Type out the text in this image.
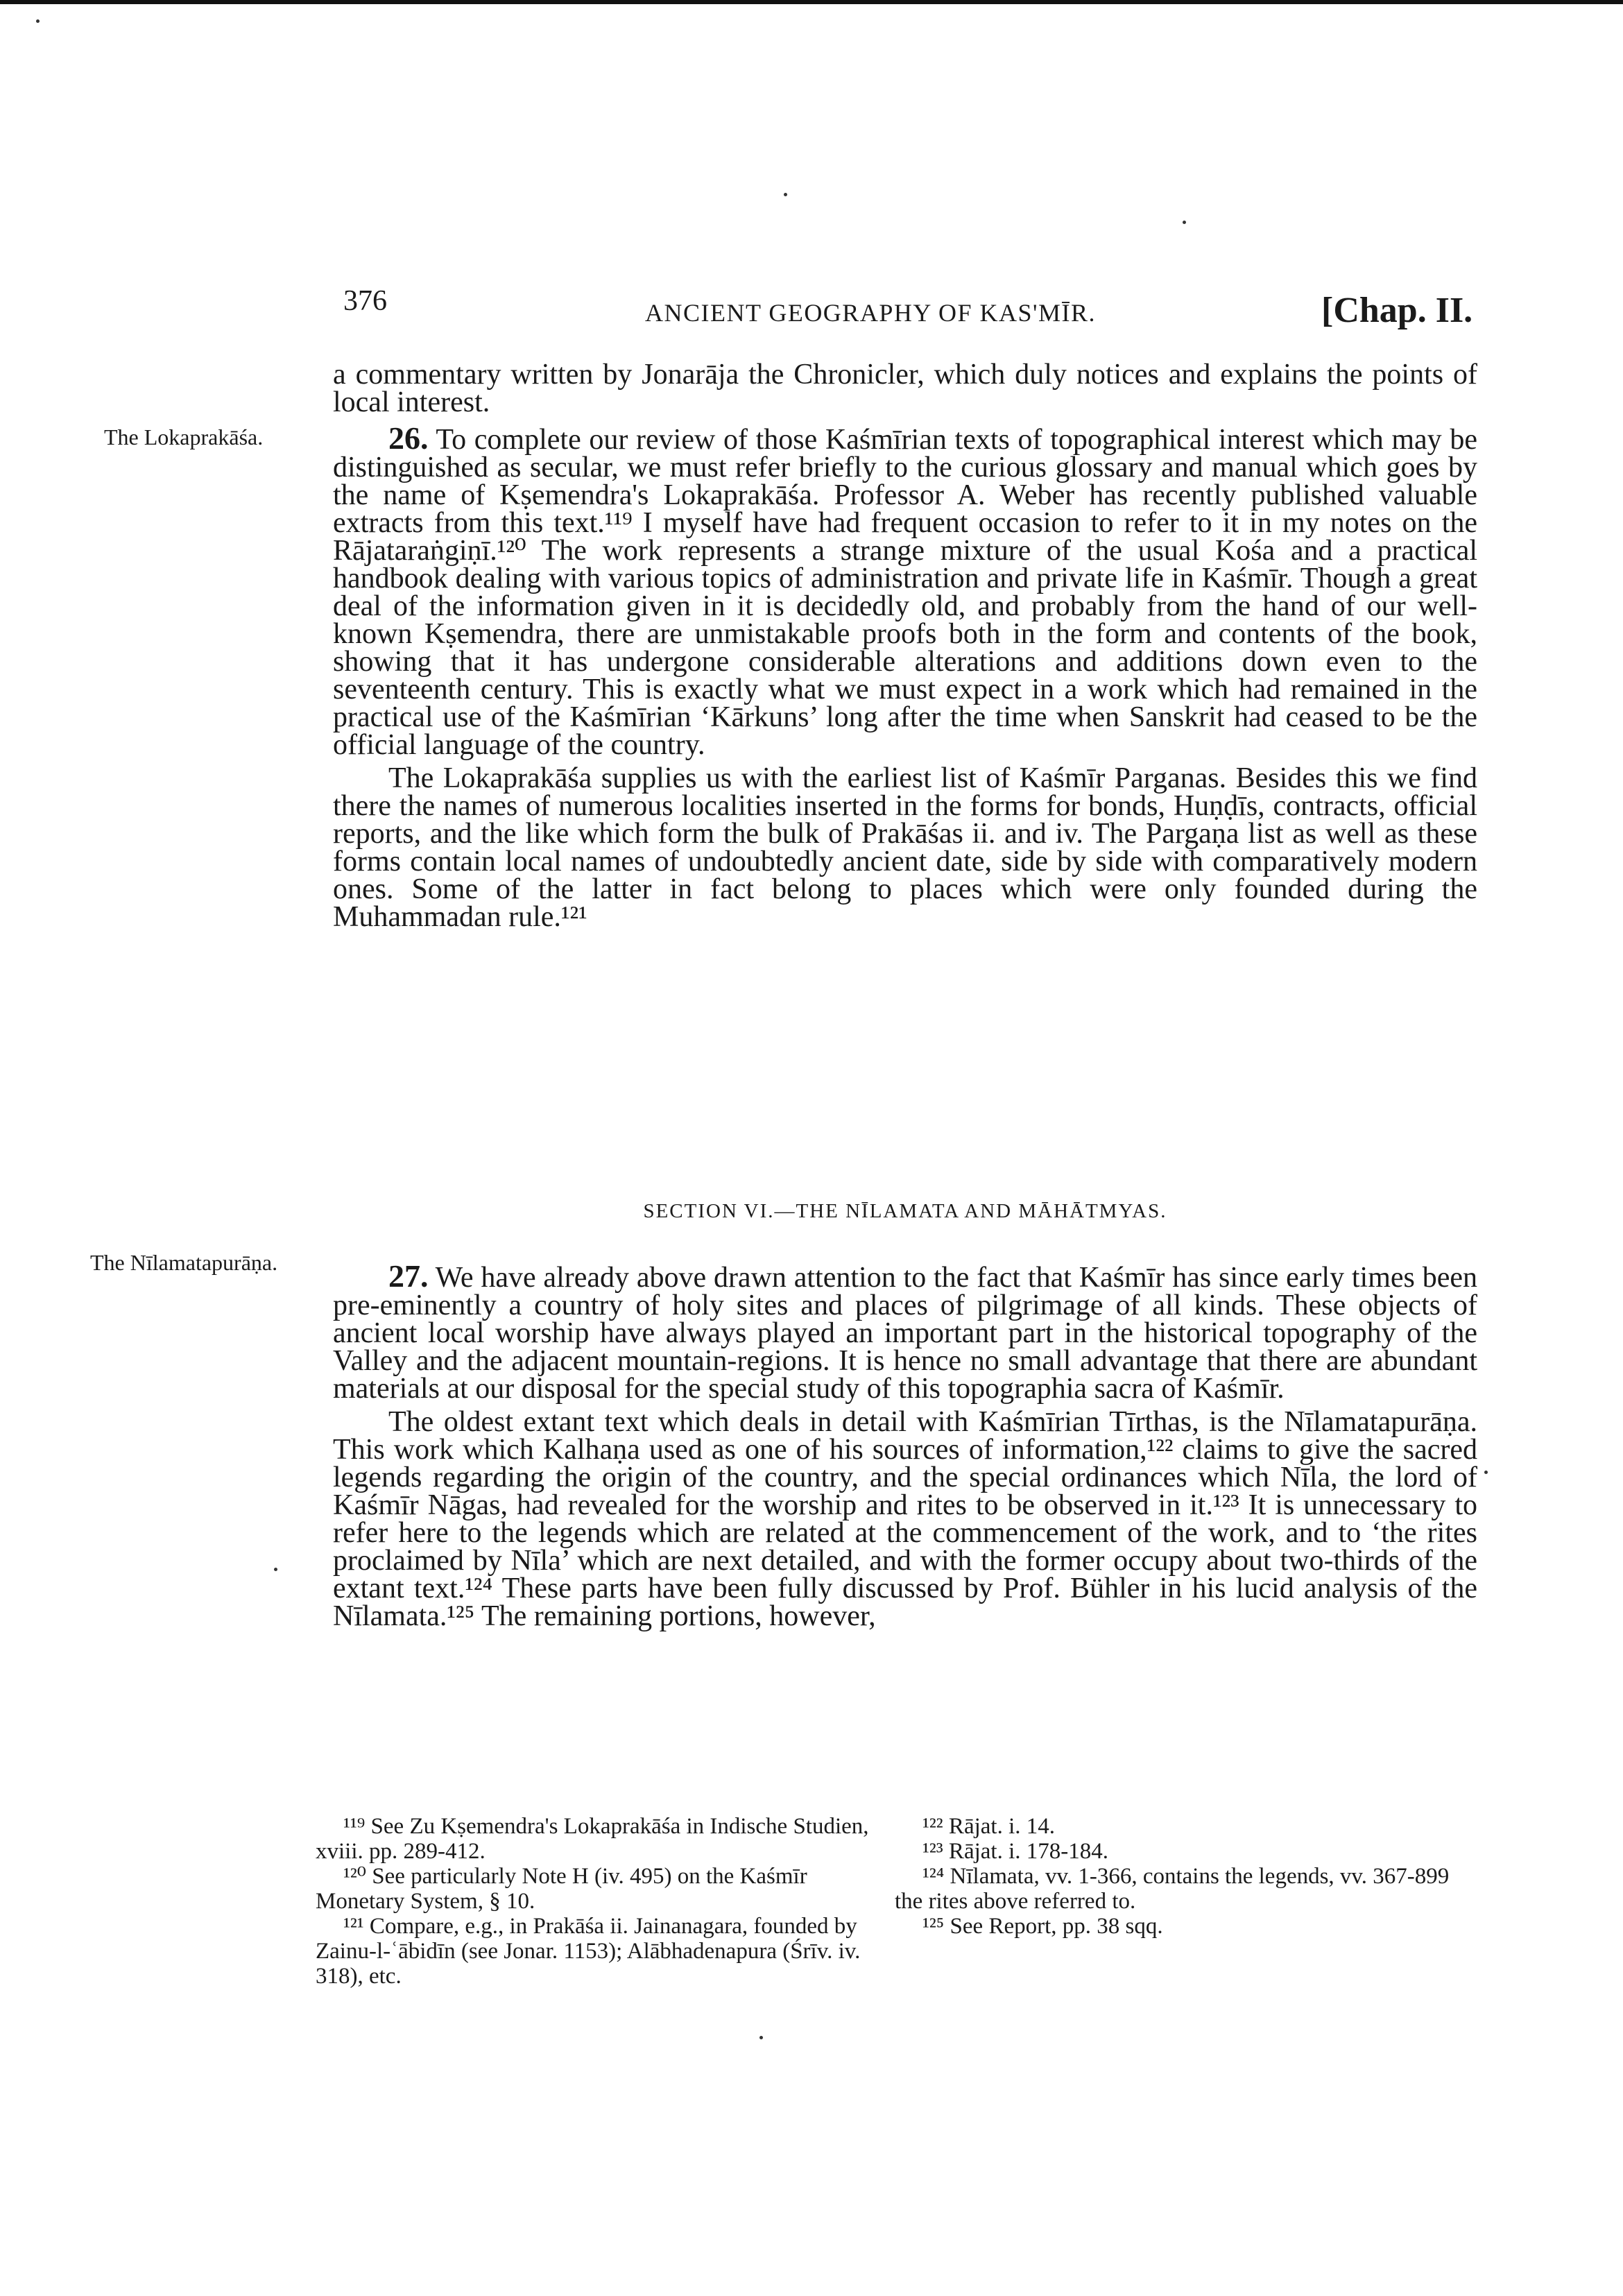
376	ANCIENT GEOGRAPHY OF KAS'MĪR.	[Chap. II.

a commentary written by Jonarāja the Chronicler, which duly notices and explains the points of local interest.

The Lokaprakāśa.	26. To complete our review of those Kaśmīrian texts of topographical interest which may be distinguished as secular, we must refer briefly to the curious glossary and manual which goes by the name of Kṣemendra's Lokaprakāśa. Professor A. Weber has recently published valuable extracts from this text.¹¹⁹ I myself have had frequent occasion to refer to it in my notes on the Rājataraṅgiṇī.¹²⁰ The work represents a strange mixture of the usual Kośa and a practical handbook dealing with various topics of administration and private life in Kaśmīr. Though a great deal of the information given in it is decidedly old, and probably from the hand of our well-known Kṣemendra, there are unmistakable proofs both in the form and contents of the book, showing that it has undergone considerable alterations and additions down even to the seventeenth century. This is exactly what we must expect in a work which had remained in the practical use of the Kaśmīrian ‘Kārkuns’ long after the time when Sanskrit had ceased to be the official language of the country.

The Lokaprakāśa supplies us with the earliest list of Kaśmīr Parganas. Besides this we find there the names of numerous localities inserted in the forms for bonds, Huṇḍīs, contracts, official reports, and the like which form the bulk of Prakāśas ii. and iv. The Pargaṇa list as well as these forms contain local names of undoubtedly ancient date, side by side with comparatively modern ones. Some of the latter in fact belong to places which were only founded during the Muhammadan rule.¹²¹

SECTION VI.—THE NĪLAMATA AND MĀHĀTMYAS.
The Nīlamatapurāṇa.	27. We have already above drawn attention to the fact that Kaśmīr has since early times been pre-eminently a country of holy sites and places of pilgrimage of all kinds. These objects of ancient local worship have always played an important part in the historical topography of the Valley and the adjacent mountain-regions. It is hence no small advantage that there are abundant materials at our disposal for the special study of this topographia sacra of Kaśmīr.

The oldest extant text which deals in detail with Kaśmīrian Tīrthas, is the Nīlamatapurāṇa. This work which Kalhaṇa used as one of his sources of information,¹²² claims to give the sacred legends regarding the origin of the country, and the special ordinances which Nīla, the lord of Kaśmīr Nāgas, had revealed for the worship and rites to be observed in it.¹²³ It is unnecessary to refer here to the legends which are related at the commencement of the work, and to ‘the rites proclaimed by Nīla’ which are next detailed, and with the former occupy about two-thirds of the extant text.¹²⁴ These parts have been fully discussed by Prof. Bühler in his lucid analysis of the Nīlamata.¹²⁵ The remaining portions, however,

¹¹⁹ See Zu Kṣemendra's Lokaprakāśa in Indische Studien, xviii. pp. 289-412.

¹²⁰ See particularly Note H (iv. 495) on the Kaśmīr Monetary System, § 10.

¹²¹ Compare, e.g., in Prakāśa ii. Jainanagara, founded by Zainu-l-ʿābidīn (see Jonar. 1153); Alābhadenapura (Śrīv. iv. 318), etc.

¹²² Rājat. i. 14.

¹²³ Rājat. i. 178-184.

¹²⁴ Nīlamata, vv. 1-366, contains the legends, vv. 367-899 the rites above referred to.

¹²⁵ See Report, pp. 38 sqq.
